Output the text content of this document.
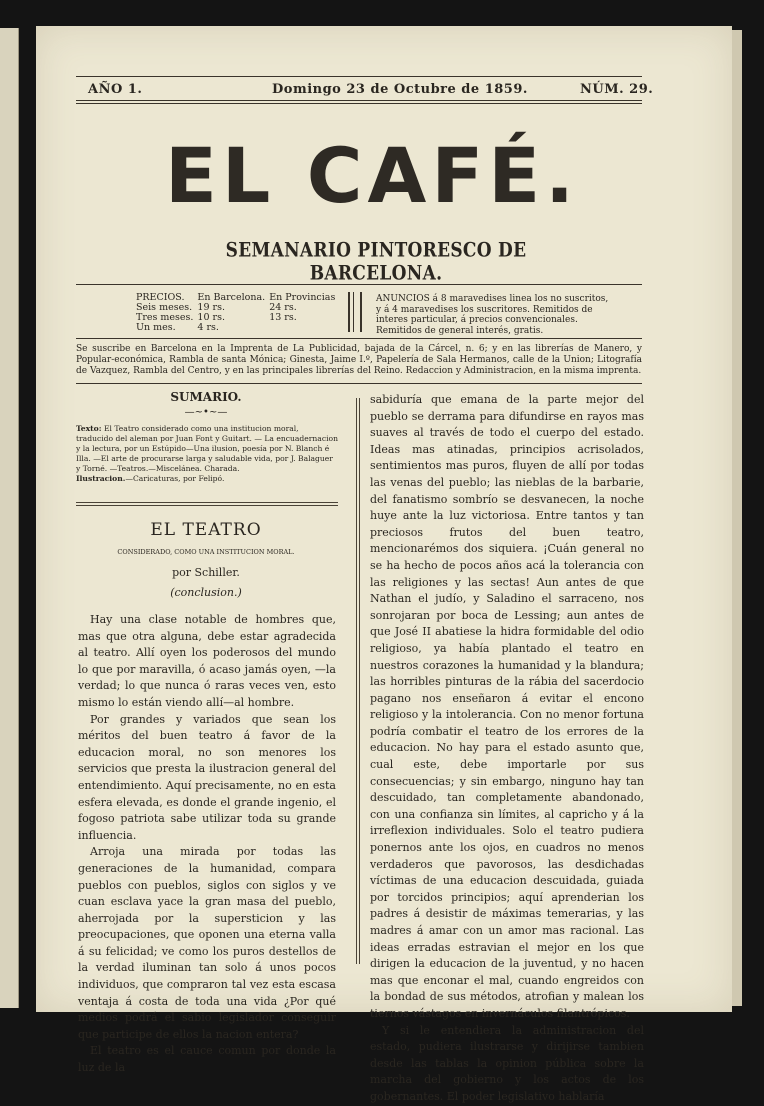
AÑO 1.	Domingo 23 de Octubre de 1859.	NÚM. 29.
EL CAFÉ.
SEMANARIO PINTORESCO DE BARCELONA.
PRECIOS.	En Barcelona.	En Provincias
Seis meses.	19 rs.	24 rs.
Tres meses.	10 rs.	13 rs.
Un mes.	4 rs.	
ANUNCIOS á 8 maravedises linea los no suscritos, y á 4 maravedises los suscritores. Remitidos de interes particular, á precios convencionales. Remitidos de general interés, gratis.
Se suscribe en Barcelona en la Imprenta de La Publicidad, bajada de la Cárcel, n. 6; y en las librerías de Manero, y Popular-económica, Rambla de santa Mónica; Ginesta, Jaime I.º, Papelería de Sala Hermanos, calle de la Union; Litografía de Vazquez, Rambla del Centro, y en las principales librerías del Reino. Redaccion y Administracion, en la misma imprenta.
SUMARIO.
—~•~—
Texto: El Teatro considerado como una institucion moral, traducido del aleman por Juan Font y Guitart. — La encuadernacion y la lectura, por un Estúpido—Una ilusion, poesía por N. Blanch é Illa. —El arte de procurarse larga y saludable vida, por J. Balaguer y Torné. —Teatros.—Miscelánea. Charada.
Ilustracion.—Caricaturas, por Felipó.
EL TEATRO
CONSIDERADO, COMO UNA INSTITUCION MORAL.
por Schiller.
(conclusion.)

Hay una clase notable de hombres que, mas que otra alguna, debe estar agradecida al teatro. Allí oyen los poderosos del mundo lo que por maravilla, ó acaso jamás oyen, —la verdad; lo que nunca ó raras veces ven, esto mismo lo están viendo allí—al hombre.

Por grandes y variados que sean los méritos del buen teatro á favor de la educacion moral, no son menores los servicios que presta la ilustracion general del entendimiento. Aquí precisamente, no en esta esfera elevada, es donde el grande ingenio, el fogoso patriota sabe utilizar toda su grande influencia.

Arroja una mirada por todas las generaciones de la humanidad, compara pueblos con pueblos, siglos con siglos y ve cuan esclava yace la gran masa del pueblo, aherrojada por la supersticion y las preocupaciones, que oponen una eterna valla á su felicidad; ve como los puros destellos de la verdad iluminan tan solo á unos pocos individuos, que compraron tal vez esta escasa ventaja á costa de toda una vida ¿Por qué medios podrá el sabio legislador conseguir que participe de ellos la nacion entera?

El teatro es el cauce comun por donde la luz de la

sabiduría que emana de la parte mejor del pueblo se derrama para difundirse en rayos mas suaves al través de todo el cuerpo del estado. Ideas mas atinadas, principios acrisolados, sentimientos mas puros, fluyen de allí por todas las venas del pueblo; las nieblas de la barbarie, del fanatismo sombrío se desvanecen, la noche huye ante la luz victoriosa. Entre tantos y tan preciosos frutos del buen teatro, mencionarémos dos siquiera. ¡Cuán general no se ha hecho de pocos años acá la tolerancia con las religiones y las sectas! Aun antes de que Nathan el judío, y Saladino el sarraceno, nos sonrojaran por boca de Lessing; aun antes de que José II abatiese la hidra formidable del odio religioso, ya había plantado el teatro en nuestros corazones la humanidad y la blandura; las horribles pinturas de la rábia del sacerdocio pagano nos enseñaron á evitar el encono religioso y la intolerancia. Con no menor fortuna podría combatir el teatro de los errores de la educacion. No hay para el estado asunto que, cual este, debe importarle por sus consecuencias; y sin embargo, ninguno hay tan descuidado, tan completamente abandonado, con una confianza sin límites, al capricho y á la irreflexion individuales. Solo el teatro pudiera ponernos ante los ojos, en cuadros no menos verdaderos que pavorosos, las desdichadas víctimas de una educacion descuidada, guiada por torcidos principios; aquí aprenderian los padres á desistir de máximas temerarias, y las madres á amar con un amor mas racional. Las ideas erradas estravian el mejor en los que dirigen la educacion de la juventud, y no hacen mas que enconar el mal, cuando engreidos con la bondad de sus métodos, atrofian y malean los tiernos vástagos en invernáculos filantrópicos.

Y si le entendiera la administracion del estado, pudiera ilustrarse y dirijirse tambien desde las tablas la opinion pública sobre la marcha del gobierno y los actos de los gobernantes. El poder legislativo hablaría
